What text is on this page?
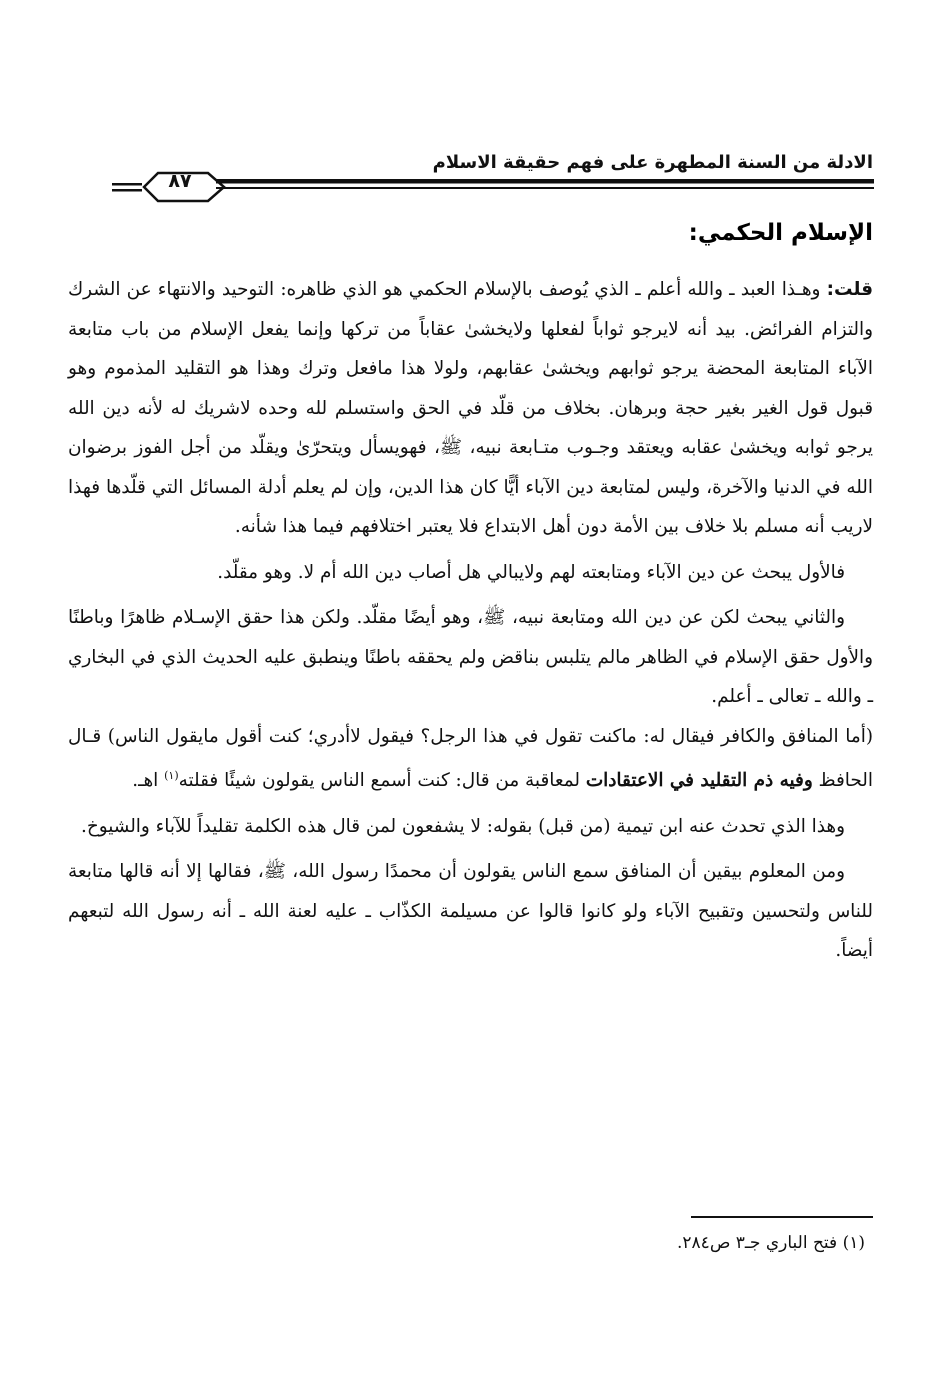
الادلة من السنة المطهرة على فهم حقيقة الاسلام
٨٧
الإسلام الحكمي:

قلت: وهـذا العبد ـ والله أعلم ـ الذي يُوصف بالإسلام الحكمي هو الذي ظاهره: التوحيد والانتهاء عن الشرك والتزام الفرائض. بيد أنه لايرجو ثواباً لفعلها ولايخشىٰ عقاباً من تركها وإنما يفعل الإسلام من باب متابعة الآباء المتابعة المحضة يرجو ثوابهم ويخشىٰ عقابهم، ولولا هذا مافعل وترك وهذا هو التقليد المذموم وهو قبول قول الغير بغير حجة وبرهان. بخلاف من قلّد في الحق واستسلم لله وحده لاشريك له لأنه دين الله يرجو ثوابه ويخشىٰ عقابه ويعتقد وجـوب متـابعة نبيه، ﷺ، فهويسأل ويتحرّىٰ ويقلّد من أجل الفوز برضوان الله في الدنيا والآخرة، وليس لمتابعة دين الآباء أيًّا كان هذا الدين، وإن لم يعلم أدلة المسائل التي قلّدها فهذا لاريب أنه مسلم بلا خلاف بين الأمة دون أهل الابتداع فلا يعتبر اختلافهم فيما هذا شأنه.

فالأول يبحث عن دين الآباء ومتابعته لهم ولايبالي هل أصاب دين الله أم لا. وهو مقلّد.

والثاني يبحث لكن عن دين الله ومتابعة نبيه، ﷺ، وهو أيضًا مقلّد. ولكن هذا حقق الإسـلام ظاهرًا وباطنًا والأول حقق الإسلام في الظاهر مالم يتلبس بناقض ولم يحققه باطنًا وينطبق عليه الحديث الذي في البخاري ـ والله ـ تعالى ـ أعلم.

(أما المنافق والكافر فيقال له: ماكنت تقول في هذا الرجل؟ فيقول لاأدري؛ كنت أقول مايقول الناس) قـال الحافظ وفيه ذم التقليد في الاعتقادات لمعاقبة من قال: كنت أسمع الناس يقولون شيئًا فقلته$^{(١)}$ اهـ.

وهذا الذي تحدث عنه ابن تيمية (من قبل) بقوله: لا يشفعون لمن قال هذه الكلمة تقليداً للآباء والشيوخ.

ومن المعلوم بيقين أن المنافق سمع الناس يقولون أن محمدًا رسول الله، ﷺ، فقالها إلا أنه قالها متابعة للناس ولتحسين وتقبيح الآباء ولو كانوا قالوا عن مسيلمة الكذّاب ـ عليه لعنة الله ـ أنه رسول الله لتبعهم أيضاً.

(١) فتح الباري جـ٣ ص٢٨٤.
